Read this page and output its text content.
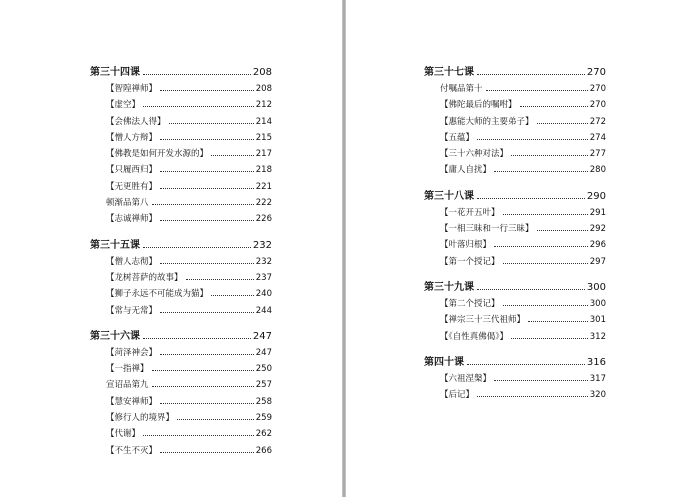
第三十四课	208
【智隍禅师】	208
【虚空】	212
【会佛法人得】	214
【憎人方辩】	215
【佛教是如何开发水源的】	217
【只履西归】	218
【无更胜有】	221
顿渐品第八	222
【志诚禅师】	226
第三十五课	232
【僧人志彻】	232
【龙树菩萨的故事】	237
【狮子永远不可能成为猫】	240
【常与无常】	244
第三十六课	247
【菏泽神会】	247
【一指禅】	250
宣诏品第九	257
【慧安禅师】	258
【修行人的境界】	259
【代谢】	262
【不生不灭】	266
第三十七课	270
付嘱品第十	270
【佛陀最后的嘱咐】	270
【惠能大师的主要弟子】	272
【五蕴】	274
【三十六种对法】	277
【庸人自扰】	280
第三十八课	290
【一花开五叶】	291
【一相三昧和一行三昧】	292
【叶落归根】	296
【第一个授记】	297
第三十九课	300
【第二个授记】	300
【禅宗三十三代祖师】	301
【《自性真佛偈》】	312
第四十课	316
【六祖涅槃】	317
【后记】	320
